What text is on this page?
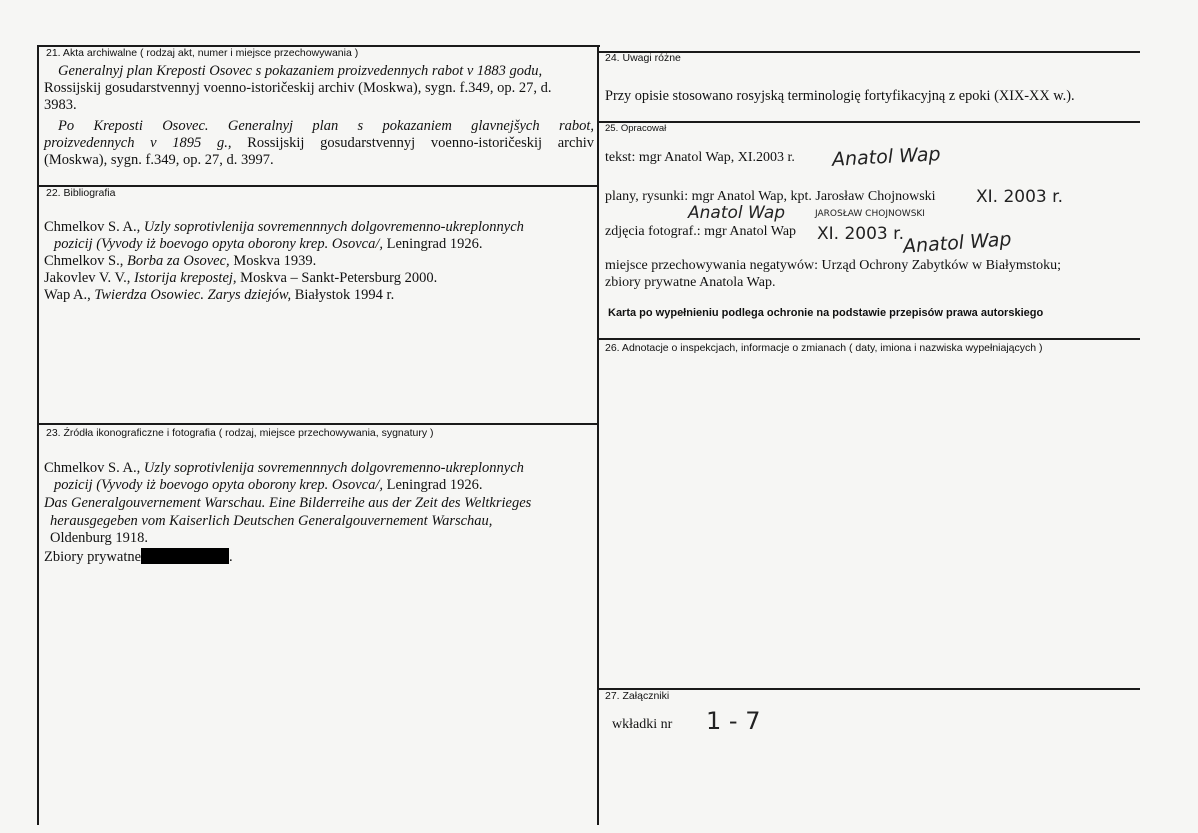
21. Akta archiwalne ( rodzaj akt, numer i miejsce przechowywania )
Generalnyj plan Kreposti Osovec s pokazaniem proizvedennych rabot v 1883 godu,
Rossijskij gosudarstvennyj voenno-istoričeskij archiv (Moskwa), sygn. f.349, op. 27, d.
3983.
Po Kreposti Osovec. Generalnyj plan s pokazaniem glavnejšych rabot,
proizvedennych v 1895 g., Rossijskij gosudarstvennyj voenno-istoričeskij archiv
(Moskwa), sygn. f.349, op. 27, d. 3997.
22. Bibliografia
Chmelkov S. A., Uzly soprotivlenija sovremennnych dolgovremenno-ukreplonnych
pozicij (Vyvody iż boevogo opyta oborony krep. Osovca/, Leningrad 1926.
Chmelkov S., Borba za Osovec, Moskva 1939.
Jakovlev V. V., Istorija krepostej, Moskva – Sankt-Petersburg 2000.
Wap A., Twierdza Osowiec. Zarys dziejów, Białystok 1994 r.
23. Źródła ikonograficzne i fotografia ( rodzaj, miejsce przechowywania, sygnatury )
Chmelkov S. A., Uzly soprotivlenija sovremennnych dolgovremenno-ukreplonnych
pozicij (Vyvody iż boevogo opyta oborony krep. Osovca/, Leningrad 1926.
Das Generalgouvernement Warschau. Eine Bilderreihe aus der Zeit des Weltkrieges
herausgegeben vom Kaiserlich Deutschen Generalgouvernement Warschau,
Oldenburg 1918.
Zbiory prywatne	.
24. Uwagi różne
Przy opisie stosowano rosyjską terminologię fortyfikacyjną z epoki (XIX-XX w.).
25. Opracował
tekst: mgr Anatol Wap, XI.2003 r. Anatol Wap
plany, rysunki: mgr Anatol Wap, kpt. Jarosław Chojnowski XI. 2003 r.
Anatol Wap	JAROSŁAW CHOJNOWSKI
zdjęcia fotograf.: mgr Anatol Wap XI. 2003 r.
Anatol Wap
miejsce przechowywania negatywów: Urząd Ochrony Zabytków w Białymstoku;
zbiory prywatne Anatola Wap.
Karta po wypełnieniu podlega ochronie na podstawie przepisów prawa autorskiego
26. Adnotacje o inspekcjach, informacje o zmianach ( daty, imiona i nazwiska wypełniających )
27. Załączniki
wkładki nr 1 - 7
